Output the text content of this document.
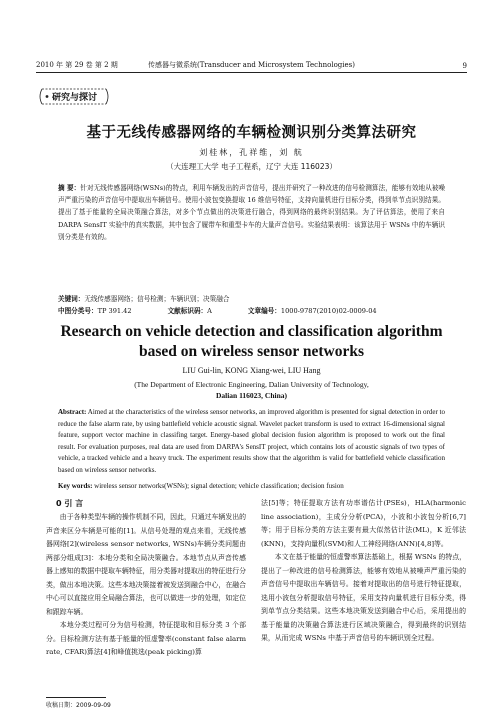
2010 年 第 29 卷 第 2 期	传感器与微系统(Transducer and Microsystem Technologies)	9
研究与探讨
基于无线传感器网络的车辆检测识别分类算法研究
刘桂林，孔祥维，刘 航
（大连理工大学 电子工程系，辽宁 大连 116023）
摘 要：针对无线传感器网络(WSNs)的特点，利用车辆发出的声音信号，提出并研究了一种改进的信号检测算法，能够有效地从被噪声严重污染的声音信号中提取出车辆信号。使用小波包变换提取 16 维信号特征，支持向量机进行目标分类，得到单节点识别结果。提出了基于能量的全局决策融合算法，对多个节点做出的决策进行融合，得到网络的最终识别结果。为了评估算法，使用了来自 DARPA SensIT 实验中的真实数据，其中包含了履带车和重型卡车的大量声音信号。实验结果表明：该算法用于 WSNs 中的车辆识别分类是有效的。
关键词：无线传感器网络；信号检测；车辆识别；决策融合
中图分类号：TP 391.42	文献标识码：A	文章编号：1000-9787(2010)02-0009-04
Research on vehicle detection and classification algorithm
based on wireless sensor networks
LIU Gui-lin, KONG Xiang-wei, LIU Hang
(The Department of Electronic Engineering, Dalian University of Technology,
Dalian 116023, China)
Abstract: Aimed at the characteristics of the wireless sensor networks, an improved algorithm is presented for signal detection in order to reduce the false alarm rate, by using battlefield vehicle acoustic signal. Wavelet packet transform is used to extract 16-dimensional signal feature, support vector machine in classifing target. Energy-based global decision fusion algorithm is proposed to work out the final result. For evaluation purposes, real data are used from DARPA's SensIT project, which contains lots of acoustic signals of two types of vehicle, a tracked vehicle and a heavy truck. The experiment results show that the algorithm is valid for battlefield vehicle classification based on wireless sensor networks.
Key words: wireless sensor networks(WSNs); signal detection; vehicle classification; decision fusion
0 引 言

由于各种类型车辆的操作机制不同，因此，只通过车辆发出的声音来区分车辆是可能的[1]。从信号处理的观点来看，无线传感器网络[2](wireless sensor networks, WSNs)车辆分类问题由两部分组成[3]：本地分类和全局决策融合。本地节点从声音传感器上感知的数据中提取车辆特征，用分类器对提取出的特征进行分类，做出本地决策。这些本地决策接着被发送到融合中心，在融合中心可以直接应用全局融合算法，也可以做进一步的处理，如定位和跟踪车辆。

本地分类过程可分为信号检测，特征提取和目标分类 3 个部分。目标检测方法有基于能量的恒虚警率(constant false alarm rate, CFAR)算法[4]和峰值挑选(peak picking)算

法[5]等；特征提取方法有功率谱估计(PSEs)，HLA(harmonic line association)，主成分分析(PCA)，小波和小波包分析[6,7]等；用于目标分类的方法主要有最大似然估计法(ML)，K 近邻法(KNN)，支持向量机(SVM)和人工神经网络(ANN)[4,8]等。

本文在基于能量的恒虚警率算法基础上，根据 WSNs 的特点，提出了一种改进的信号检测算法，能够有效地从被噪声严重污染的声音信号中提取出车辆信号。接着对提取出的信号进行特征提取，选用小波包分析提取信号特征，采用支持向量机进行目标分类，得到单节点分类结果。这些本地决策发送到融合中心后，采用提出的基于能量的决策融合算法进行区域决策融合，得到最终的识别结果，从而完成 WSNs 中基于声音信号的车辆识别全过程。

收稿日期：2009-09-09
